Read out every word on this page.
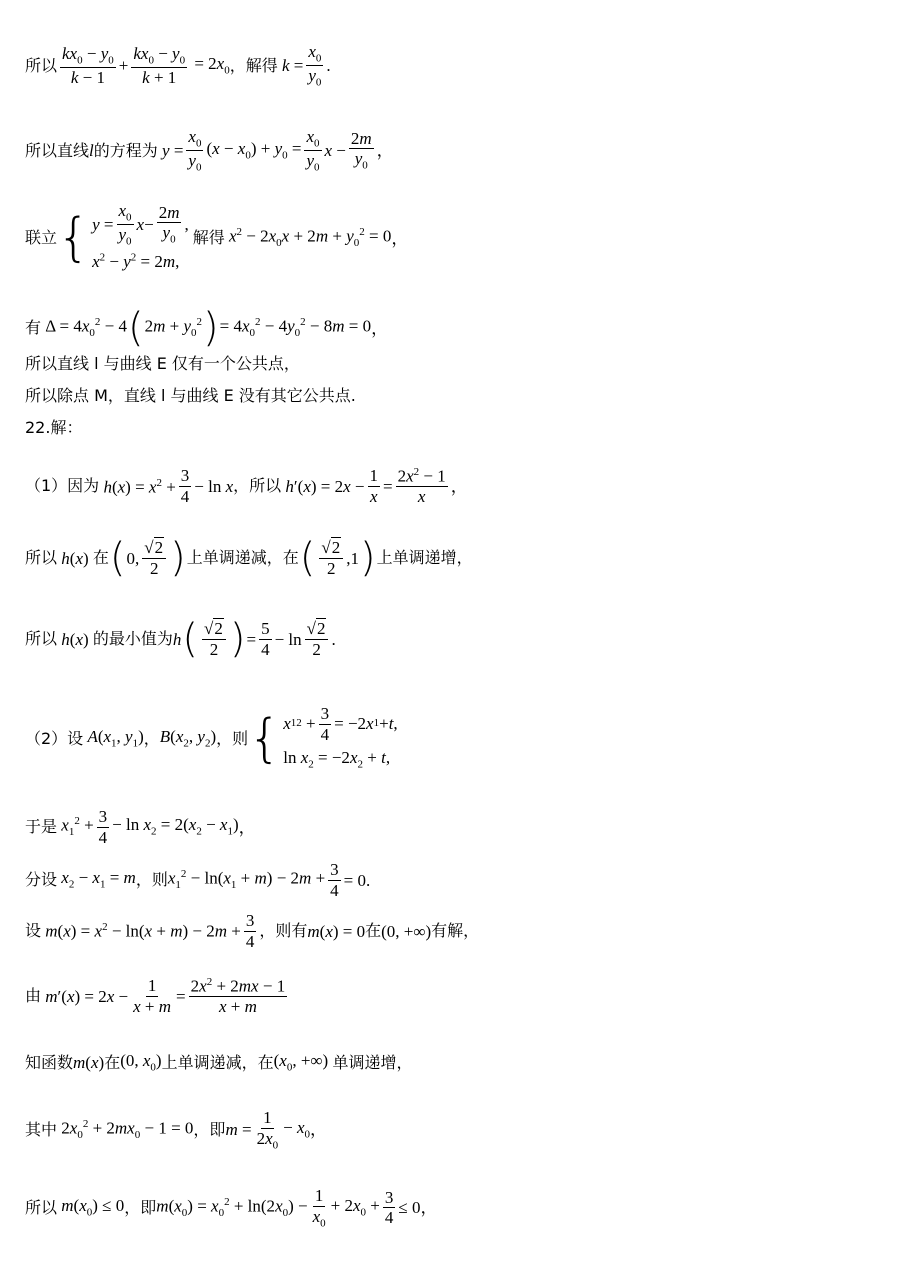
所以 $\frac{kx_0 - y_0}{k - 1} + \frac{kx_0 - y_0}{k + 1} = 2x_0$ ，解得 $k = \frac{x_0}{y_0}$ .
所以直线 l 的方程为 $y = \frac{x_0}{y_0} (x - x_0) + y_0 = \frac{x_0}{y_0}$ $x - \frac{2m}{y_0}$ ，
联立 { $y = \frac{x_0}{y_0}$ $x - \frac{2m}{y_0}$ ,
$x^2 - y^2 = 2m$,
解得 $x^2 - 2x_0x + 2m + y_0^2 = 0$ ，
有 $\Delta = 4x_0^2 - 4$ ( $2m + y_0^2$ ) = $4x_0^2 - 4y_0^2 - 8m = 0$ ，
所以直线 l 与曲线 E 仅有一个公共点，
所以除点 M，直线 l 与曲线 E 没有其它公共点.
22.解：
（1）因为 $h(x) = x^2 + \frac{3}{4} - \ln x$ ，所以 $h'(x) = 2x - \frac{1}{x} = \frac{2x^2 - 1}{x}$ ，
所以 h(x) 在 ( 0, $\frac{√2}{2}$ ) 上单调递减，在 ( $\frac{√2}{2} ,1$ ) 上单调递增，
所以 h(x) 的最小值为 h ( $\frac{√2}{2}$ ) = $\frac{5}{4} - \ln \frac{√2}{2}$ .
（2）设 $A(x_1$, $y_1$) ， $B(x_2$, $y_2$) ，则 { x 1 $2 + \frac{3}{4} = -2$ x 1 + t ,
$\ln x_2 = -2x_2 + t$,
于是 $x_1^2 + \frac{3}{4} - \ln x_2 = 2(x_2 - x_1)$ ，
分设 $x_2 - x_1 = m$ ，则 $x_1^2 - \ln(x_1 + m) - 2m + \frac{3}{4} = 0$ .
设 $m(x) = x^2 - \ln(x + m) - 2m + \frac{3}{4}$ ，则有 m(x) = 0 在 (0, +∞) 有解，
由 $m'(x) = 2x - \frac{1}{x + m} = \frac{2x^2 + 2mx - 1}{x + m}$
知函数 m(x) 在 (0, $x_0$) 上单调递减，在 ($x_0$, +∞) 单调递增，
其中 $2x_0^2 + 2mx_0 - 1 = 0$ ，即 $m = \frac{1}{2x_0} - x_0$ ，
所以 $m(x_0) \le 0$ ，即 $m(x_0) = x_0^2 + \ln(2x_0) - \frac{1}{x_0} + 2x_0 + \frac{3}{4} \le 0$ ，
